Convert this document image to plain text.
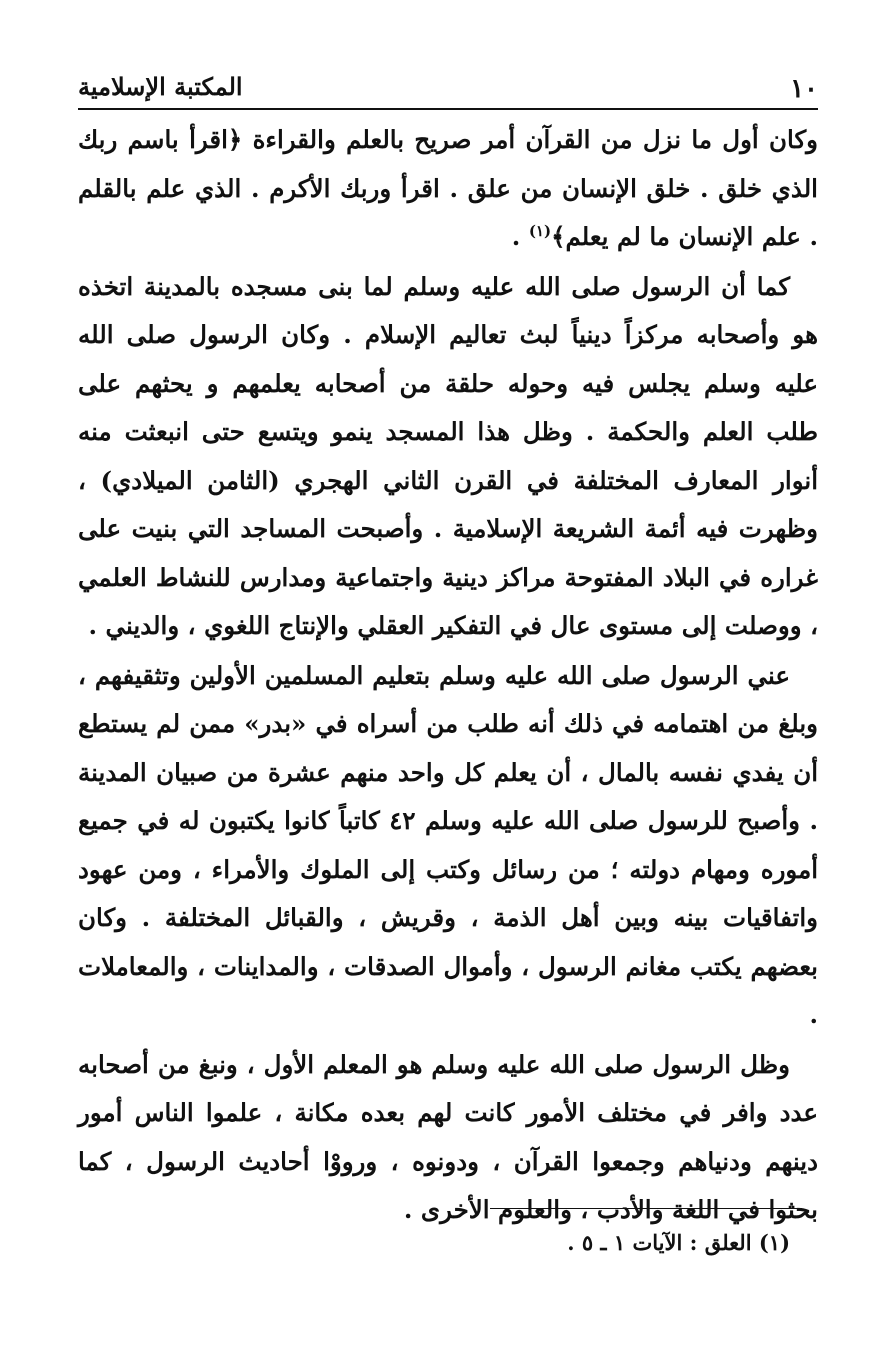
١٠
المكتبة الإسلامية

وكان أول ما نزل من القرآن أمر صريح بالعلم والقراءة ﴿اقرأ باسم ربك الذي خلق . خلق الإنسان من علق . اقرأ وربك الأكرم . الذي علم بالقلم . علم الإنسان ما لم يعلم﴾$^{(١)}$ .

كما أن الرسول صلى الله عليه وسلم لما بنى مسجده بالمدينة اتخذه هو وأصحابه مركزاً دينياً لبث تعاليم الإسلام . وكان الرسول صلى الله عليه وسلم يجلس فيه وحوله حلقة من أصحابه يعلمهم و يحثهم على طلب العلم والحكمة . وظل هذا المسجد ينمو ويتسع حتى انبعثت منه أنوار المعارف المختلفة في القرن الثاني الهجري (الثامن الميلادي) ، وظهرت فيه أئمة الشريعة الإسلامية . وأصبحت المساجد التي بنيت على غراره في البلاد المفتوحة مراكز دينية واجتماعية ومدارس للنشاط العلمي ، ووصلت إلى مستوى عال في التفكير العقلي والإنتاج اللغوي ، والديني .

عني الرسول صلى الله عليه وسلم بتعليم المسلمين الأولين وتثقيفهم ، وبلغ من اهتمامه في ذلك أنه طلب من أسراه في «بدر» ممن لم يستطع أن يفدي نفسه بالمال ، أن يعلم كل واحد منهم عشرة من صبيان المدينة . وأصبح للرسول صلى الله عليه وسلم ٤٢ كاتباً كانوا يكتبون له في جميع أموره ومهام دولته ؛ من رسائل وكتب إلى الملوك والأمراء ، ومن عهود واتفاقيات بينه وبين أهل الذمة ، وقريش ، والقبائل المختلفة . وكان بعضهم يكتب مغانم الرسول ، وأموال الصدقات ، والمداينات ، والمعاملات .

وظل الرسول صلى الله عليه وسلم هو المعلم الأول ، ونبغ من أصحابه عدد وافر في مختلف الأمور كانت لهم بعده مكانة ، علموا الناس أمور دينهم ودنياهم وجمعوا القرآن ، ودونوه ، ورووْا أحاديث الرسول ، كما بحثوا في اللغة والأدب ، والعلوم الأخرى .

(١) العلق : الآيات ١ ـ ٥ .
